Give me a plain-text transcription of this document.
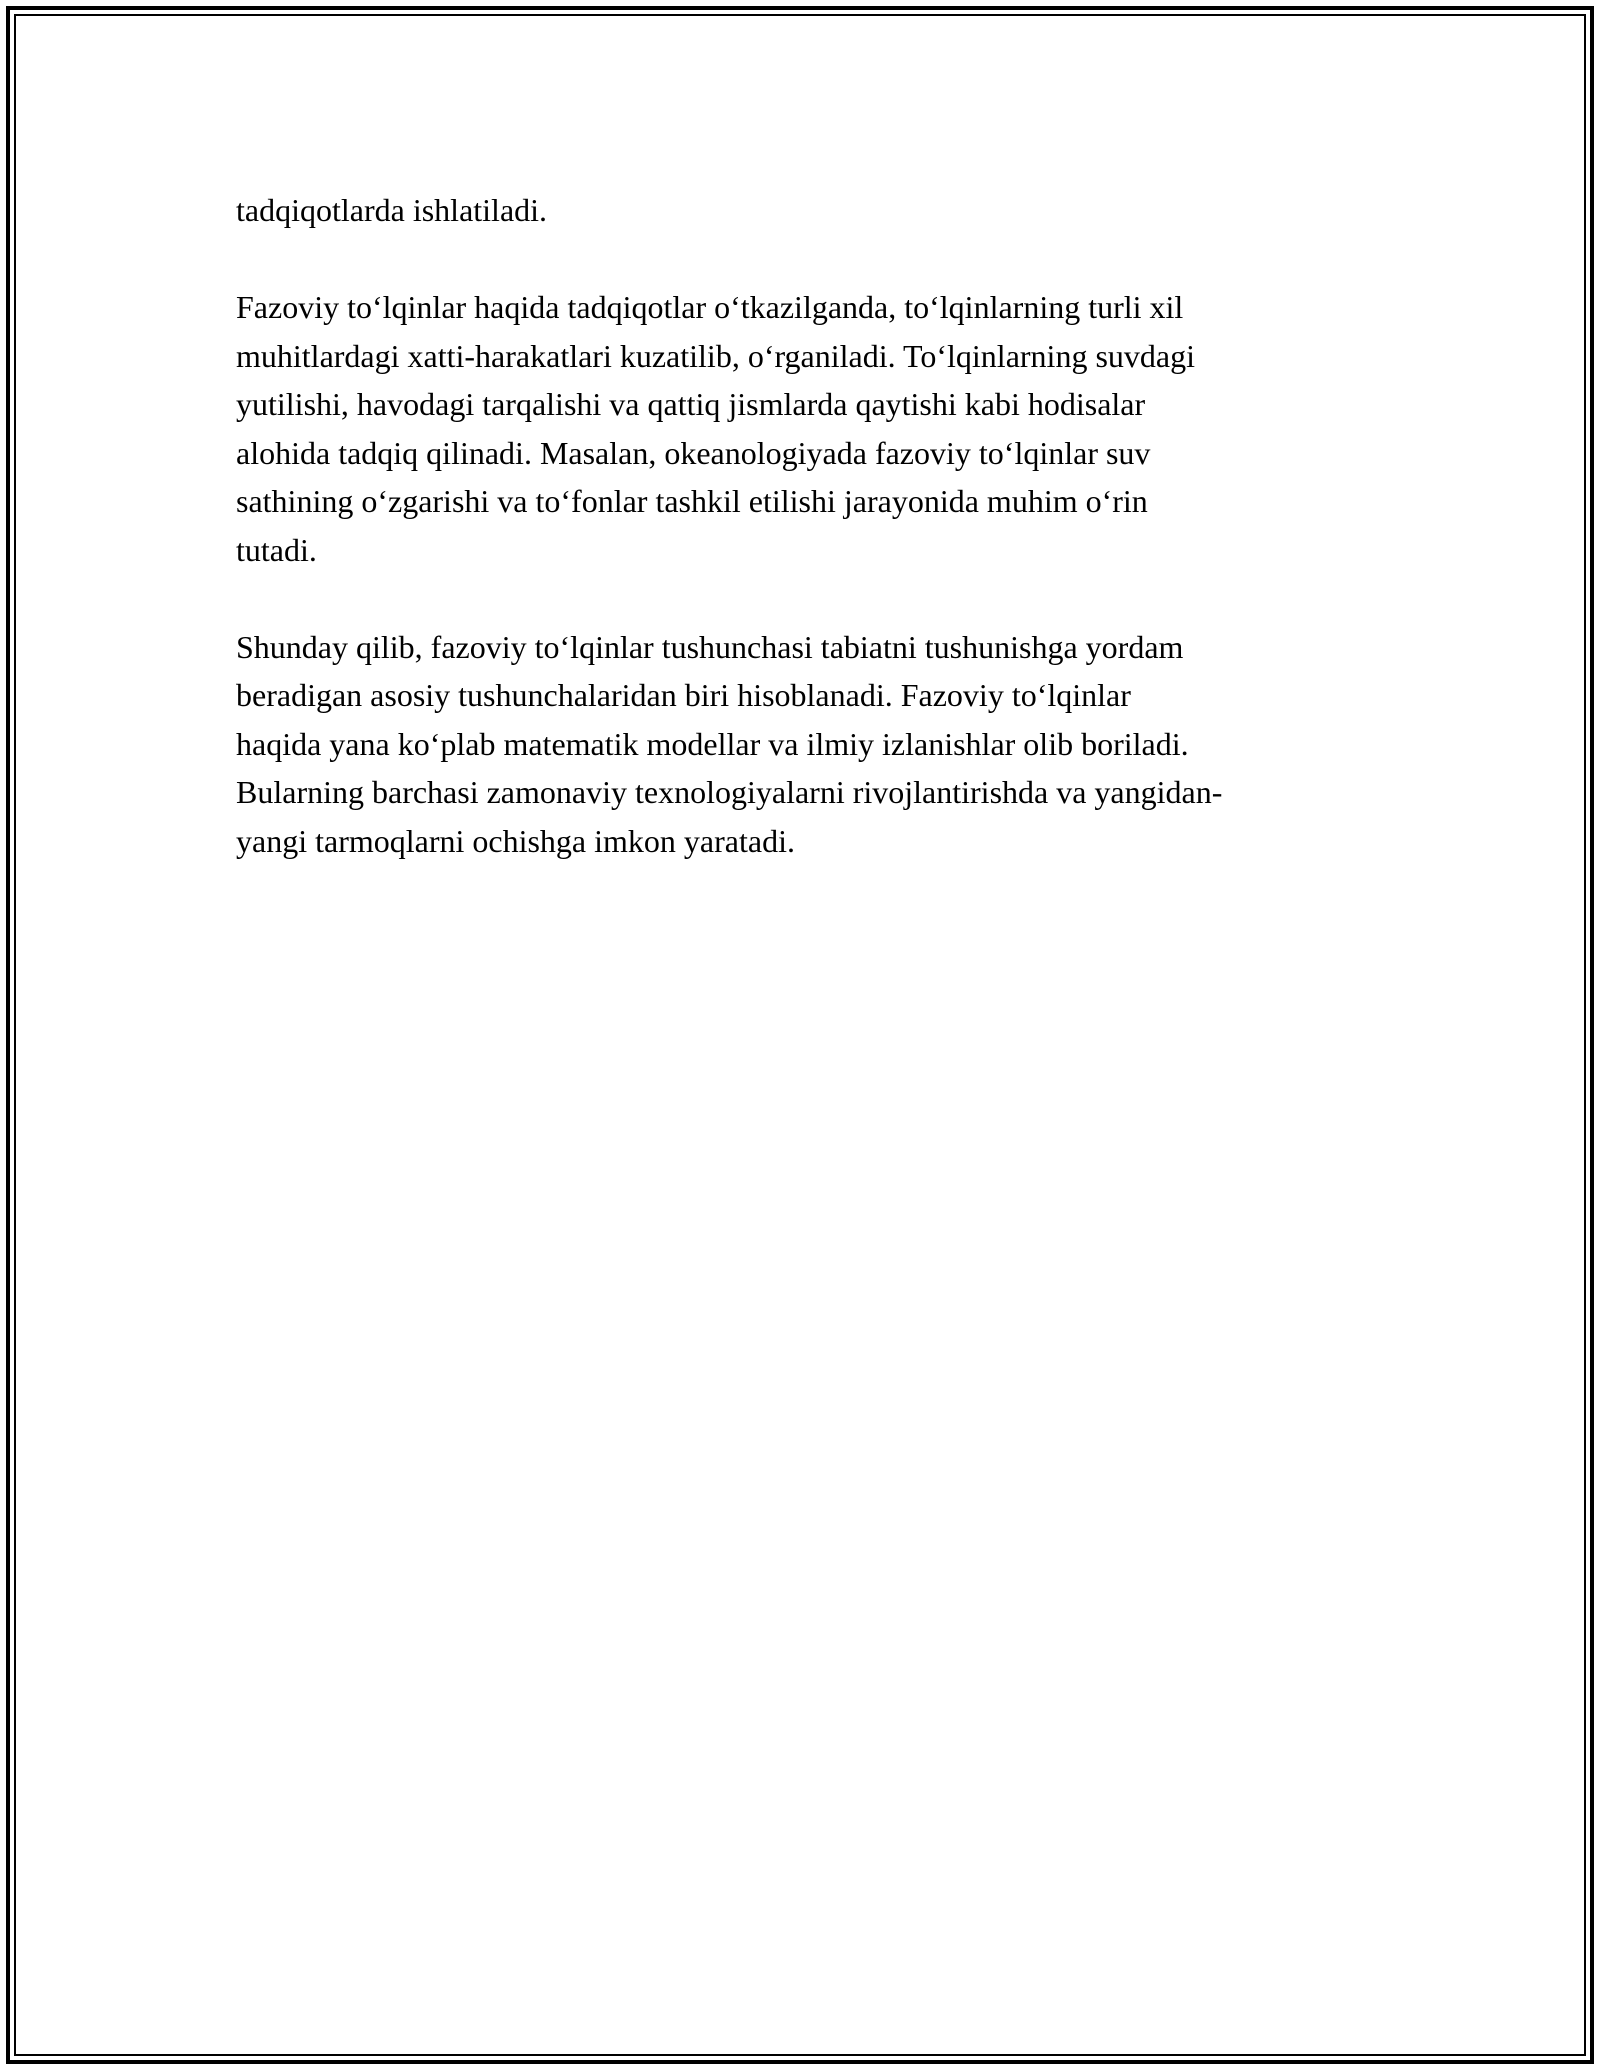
tadqiqotlarda ishlatiladi.
Fazoviy to‘lqinlar haqida tadqiqotlar o‘tkazilganda, to‘lqinlarning turli xil
muhitlardagi xatti-harakatlari kuzatilib, o‘rganiladi. To‘lqinlarning suvdagi
yutilishi, havodagi tarqalishi va qattiq jismlarda qaytishi kabi hodisalar
alohida tadqiq qilinadi. Masalan, okeanologiyada fazoviy to‘lqinlar suv
sathining o‘zgarishi va to‘fonlar tashkil etilishi jarayonida muhim o‘rin
tutadi.
Shunday qilib, fazoviy to‘lqinlar tushunchasi tabiatni tushunishga yordam
beradigan asosiy tushunchalaridan biri hisoblanadi. Fazoviy to‘lqinlar
haqida yana ko‘plab matematik modellar va ilmiy izlanishlar olib boriladi.
Bularning barchasi zamonaviy texnologiyalarni rivojlantirishda va yangidan-
yangi tarmoqlarni ochishga imkon yaratadi.
